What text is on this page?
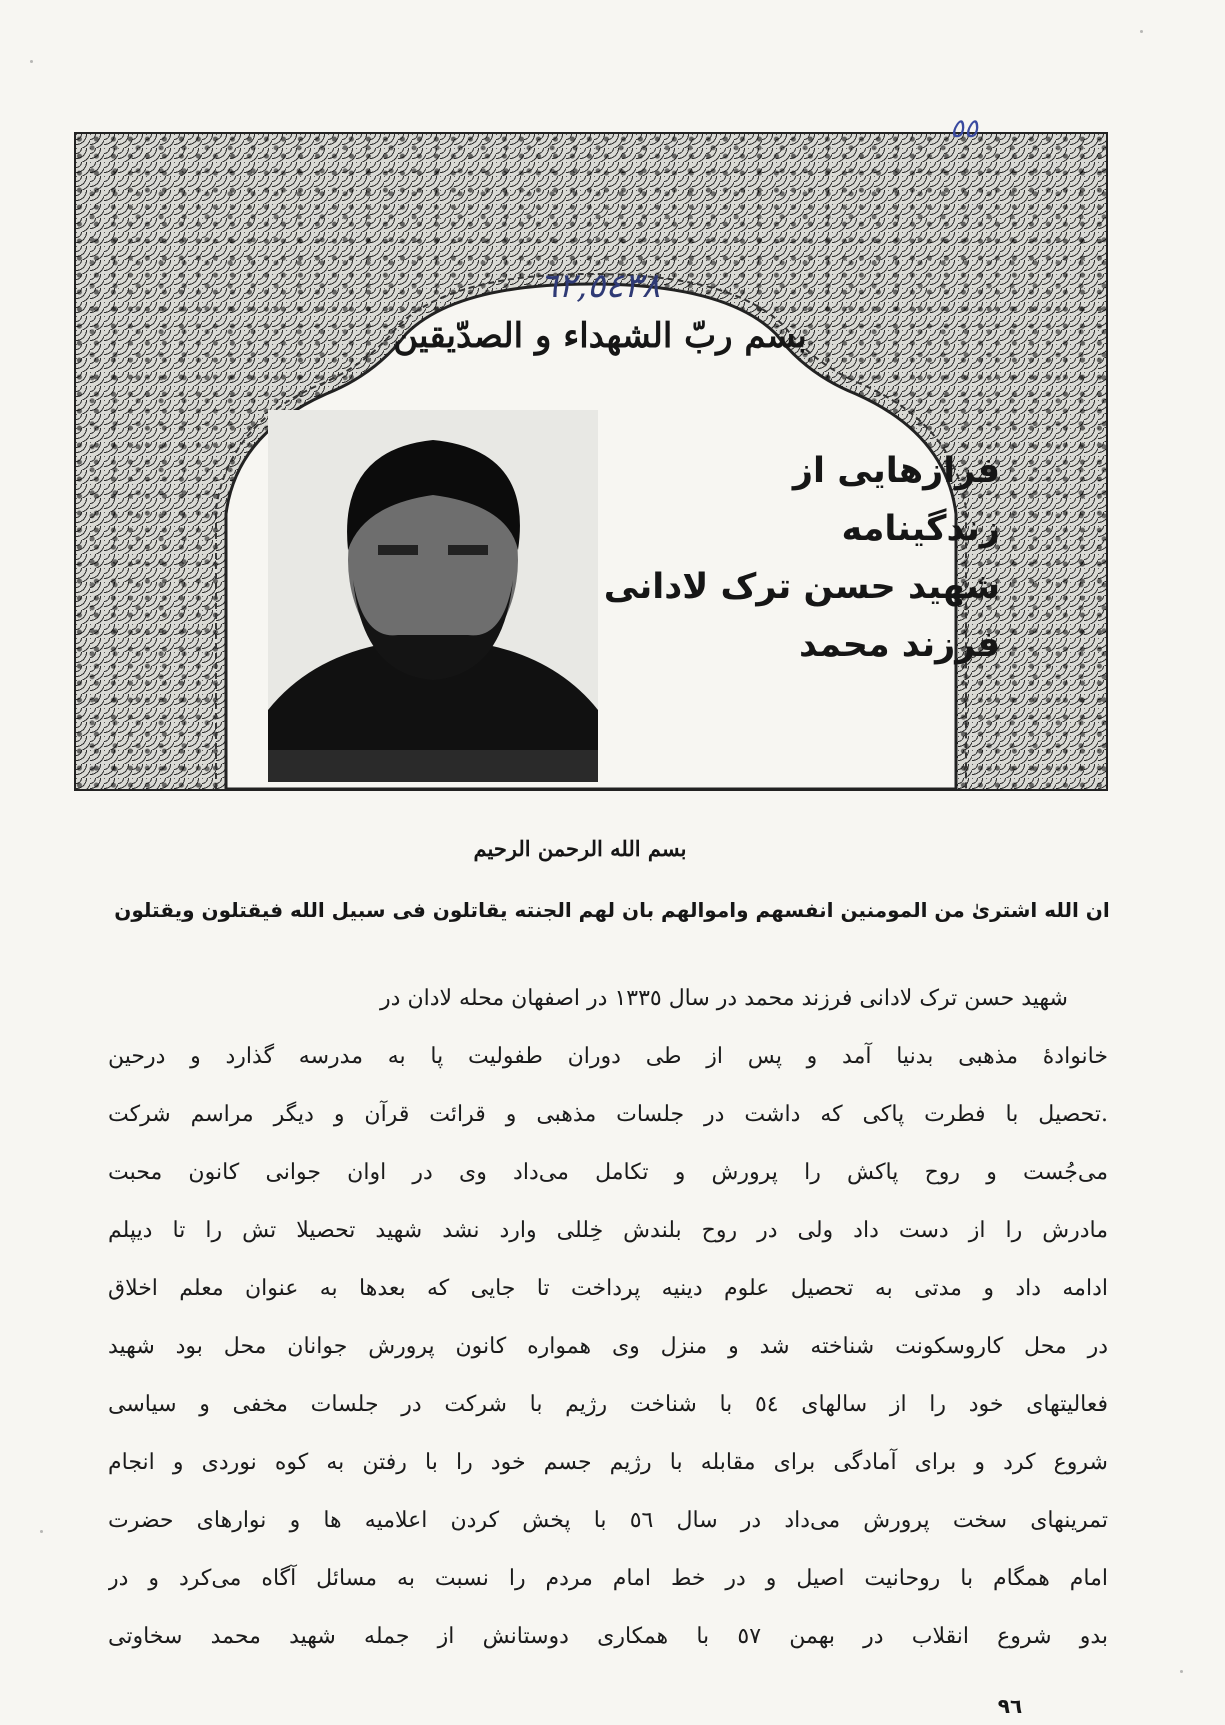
٥٥
٦٢,٥٤٣٨
بسم ربّ الشهداء و الصدّیقین
فرازهایی از
زندگینامه
شهید حسن ترک لادانی
فرزند محمد
بسم الله الرحمن الرحیم
ان الله اشتریٰ من المومنین انفسهم واموالهم بان لهم الجنته یقاتلون فی سبیل الله فیقتلون ویقتلون
شهید حسن ترک لادانی فرزند محمد در سال ١٣٣٥ در اصفهان محله لادان در
خانوادهٔ مذهبی بدنیا آمد و پس از طی دوران طفولیت پا به مدرسه گذارد و درحین
.تحصیل با فطرت پاکی که داشت در جلسات مذهبی و قرائت قرآن و دیگر مراسم شرکت
می‌جُست و روح پاکش را پرورش و تکامل می‌داد وی در اوان جوانی کانون محبت
مادرش را از دست داد ولی در روح بلندش خِللی وارد نشد شهید تحصیلا تش را تا دیپلم
ادامه داد و مدتی به تحصیل علوم دینیه پرداخت تا جایی که بعدها به عنوان معلم اخلاق
در محل کاروسکونت شناخته شد و منزل وی همواره کانون پرورش جوانان محل بود شهید
فعالیتهای خود را از سالهای ٥٤ با شناخت رژیم با شرکت در جلسات مخفی و سیاسی
شروع کرد و برای آمادگی برای مقابله با رژیم جسم خود را با رفتن به کوه نوردی و انجام
تمرینهای سخت پرورش می‌داد در سال ٥٦ با پخش کردن اعلامیه ها و نوارهای حضرت
امام همگام با روحانیت اصیل و در خط امام مردم را نسبت به مسائل آگاه می‌کرد و در
بدو شروع انقلاب در بهمن ٥٧ با همکاری دوستانش از جمله شهید محمد سخاوتی
٩٦
